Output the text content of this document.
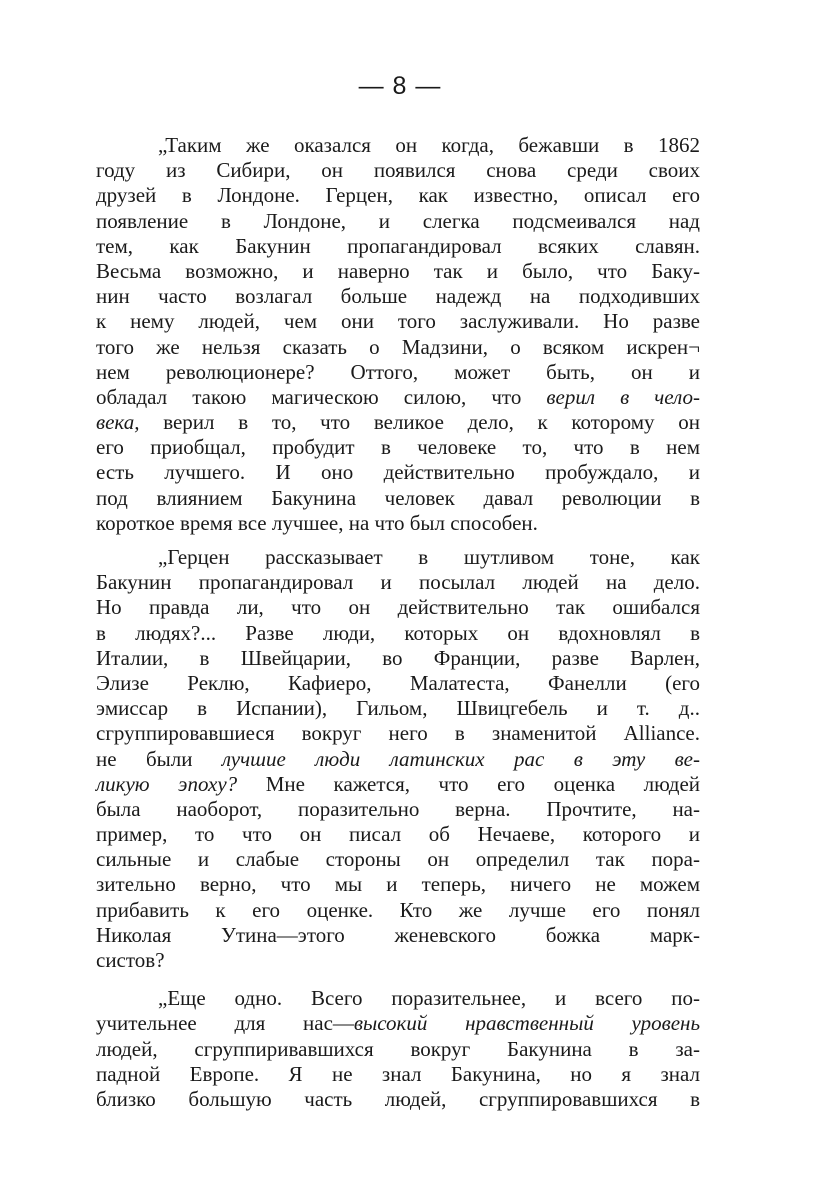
— 8 —
„Таким же оказался он когда, бежавши в 1862
году из Сибири, он появился снова среди своих
друзей в Лондоне. Герцен, как известно, описал его
появление в Лондоне, и слегка подсмеивался над
тем, как Бакунин пропагандировал всяких славян.
Весьма возможно, и наверно так и было, что Баку-
нин часто возлагал больше надежд на подходивших
к нему людей, чем они того заслуживали. Но разве
того же нельзя сказать о Мадзини, о всяком искрен¬
нем революционере? Оттого, может быть, он и
обладал такою магическою силою, что верил в чело-
века, верил в то, что великое дело, к которому он
его приобщал, пробудит в человеке то, что в нем
есть лучшего. И оно действительно пробуждало, и
под влиянием Бакунина человек давал революции в
короткое время все лучшее, на что был способен.
„Герцен рассказывает в шутливом тоне, как
Бакунин пропагандировал и посылал людей на дело.
Но правда ли, что он действительно так ошибался
в людях?... Разве люди, которых он вдохновлял в
Италии, в Швейцарии, во Франции, разве Варлен,
Элизе Реклю, Кафиеро, Малатеста, Фанелли (его
эмиссар в Испании), Гильом, Швицгебель и т. д..
сгруппировавшиеся вокруг него в знаменитой Alliance.
не были лучшие люди латинских рас в эту ве-
ликую эпоху? Мне кажется, что его оценка людей
была наоборот, поразительно верна. Прочтите, на-
пример, то что он писал об Нечаеве, которого и
сильные и слабые стороны он определил так пора-
зительно верно, что мы и теперь, ничего не можем
прибавить к его оценке. Кто же лучше его понял
Николая Утина—этого женевского божка марк-
систов?
„Еще одно. Всего поразительнее, и всего по-
учительнее для нас—высокий нравственный уровень
людей, сгруппиривавшихся вокруг Бакунина в за-
падной Европе. Я не знал Бакунина, но я знал
близко большую часть людей, сгруппировавшихся в
